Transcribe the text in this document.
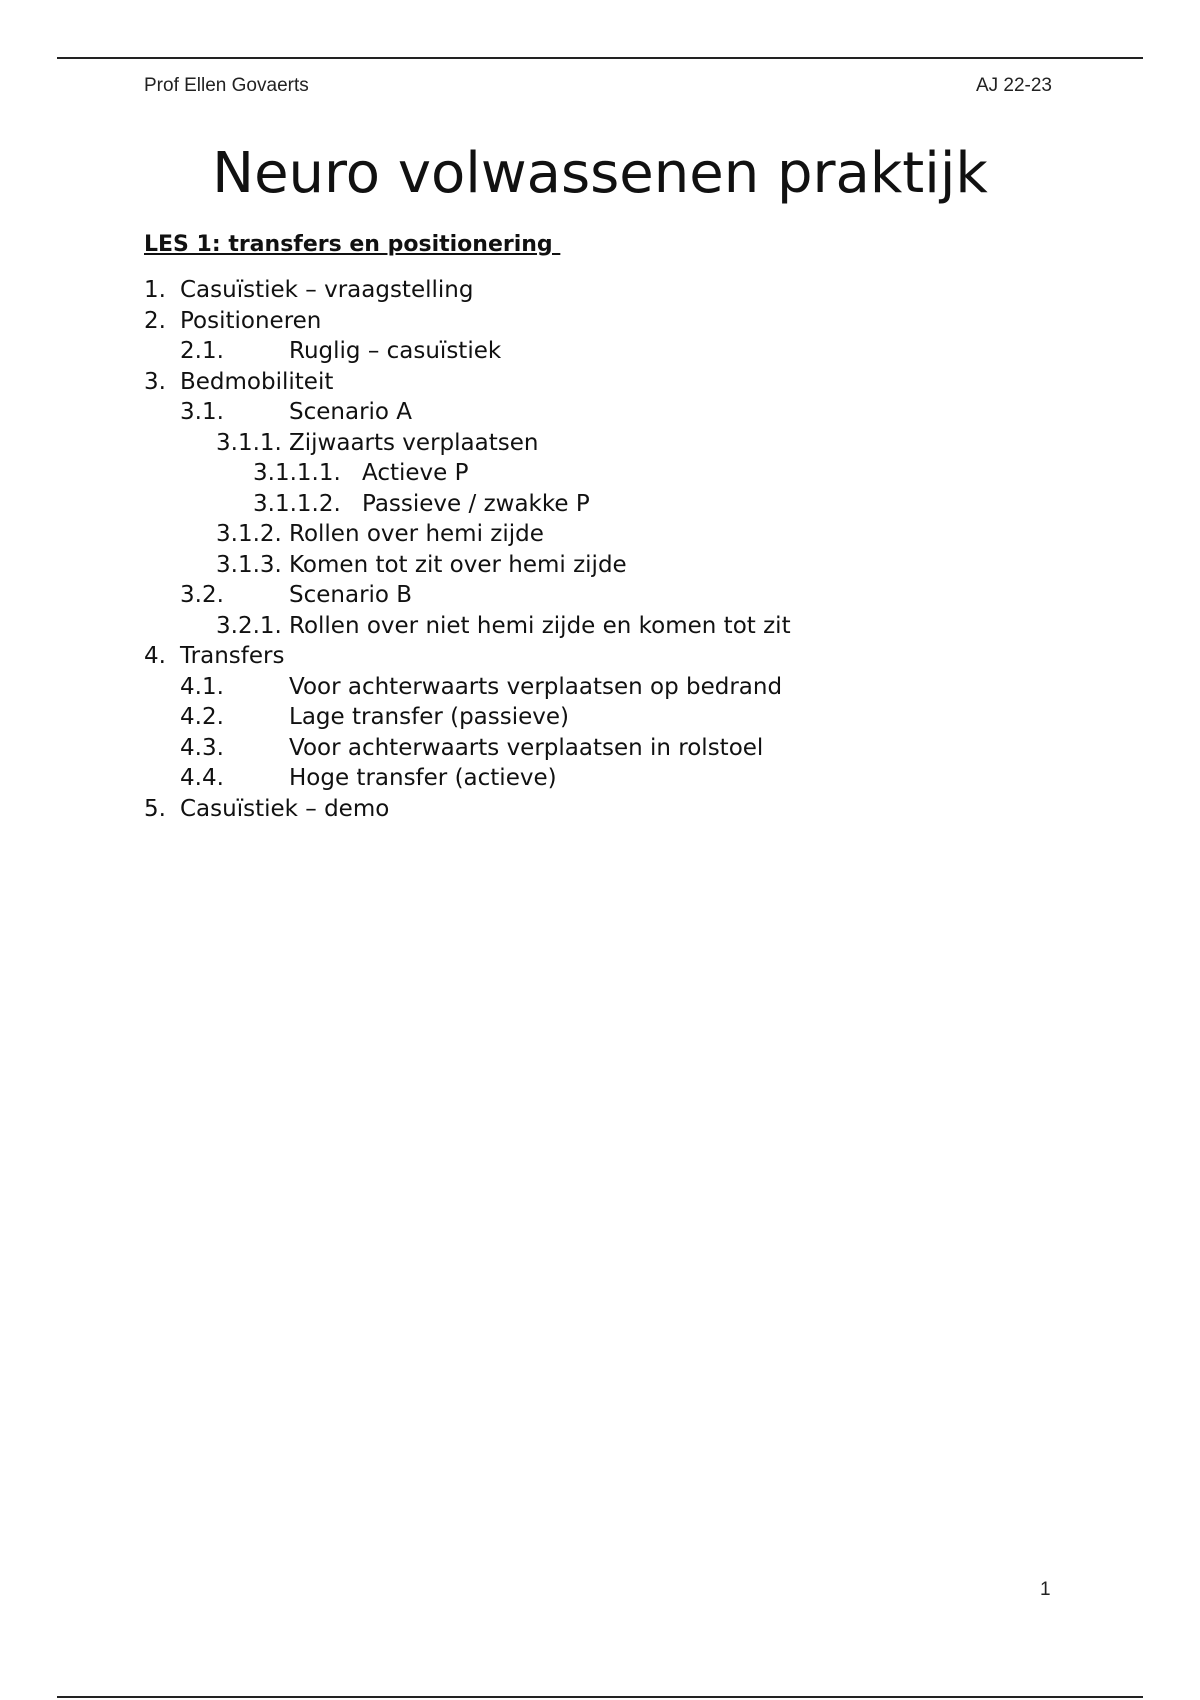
Prof Ellen Govaerts	AJ 22-23
Neuro volwassenen praktijk
LES 1: transfers en positionering
1. Casuïstiek – vraagstelling
2. Positioneren
2.1.	Ruglig – casuïstiek
3. Bedmobiliteit
3.1.	Scenario A
3.1.1. Zijwaarts verplaatsen
3.1.1.1. Actieve P
3.1.1.2. Passieve / zwakke P
3.1.2. Rollen over hemi zijde
3.1.3. Komen tot zit over hemi zijde
3.2.	Scenario B
3.2.1. Rollen over niet hemi zijde en komen tot zit
4. Transfers
4.1.	Voor achterwaarts verplaatsen op bedrand
4.2.	Lage transfer (passieve)
4.3.	Voor achterwaarts verplaatsen in rolstoel
4.4.	Hoge transfer (actieve)
5. Casuïstiek – demo
1
